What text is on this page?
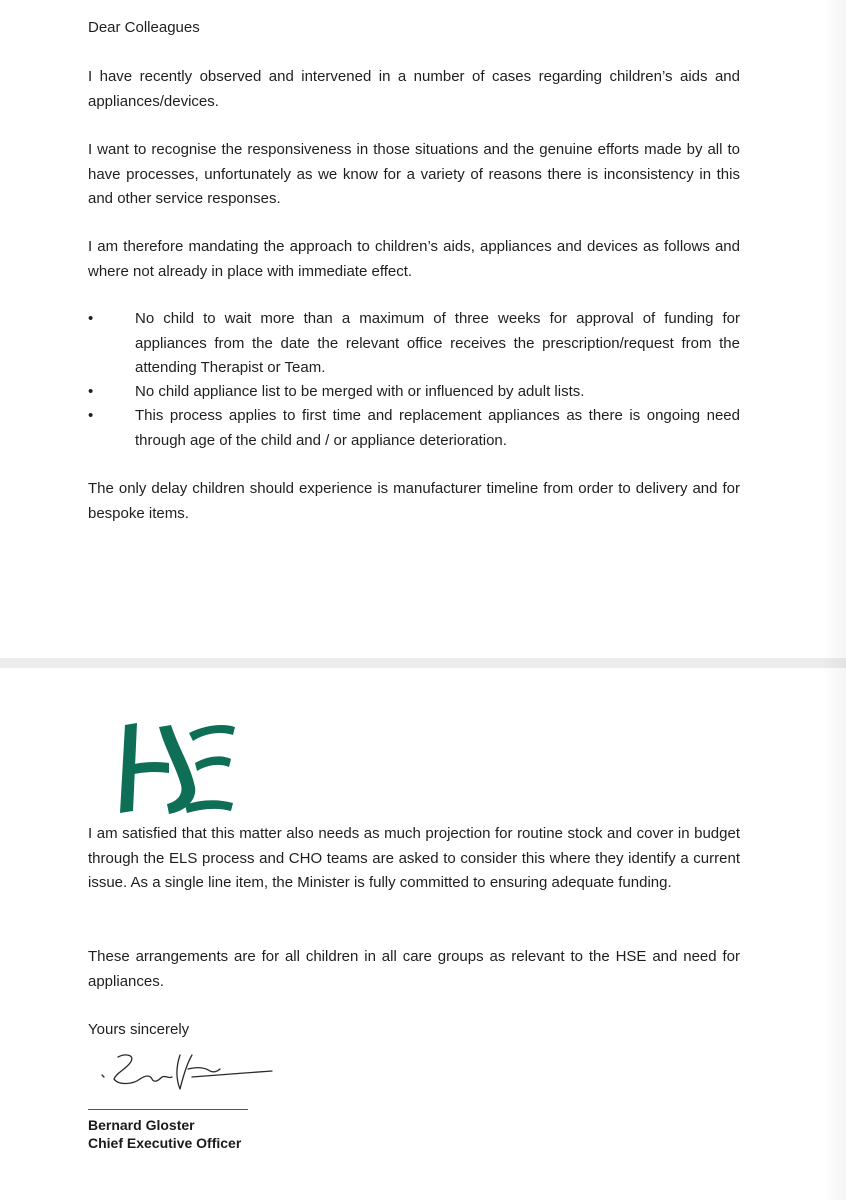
Dear Colleagues

I have recently observed and intervened in a number of cases regarding children’s aids and appliances/devices.

I want to recognise the responsiveness in those situations and the genuine efforts made by all to have processes, unfortunately as we know for a variety of reasons there is inconsistency in this and other service responses.

I am therefore mandating the approach to children’s aids, appliances and devices as follows and where not already in place with immediate effect.

•	No child to wait more than a maximum of three weeks for approval of funding for appliances from the date the relevant office receives the prescription/request from the attending Therapist or Team.

•	No child appliance list to be merged with or influenced by adult lists.

•	This process applies to first time and replacement appliances as there is ongoing need through age of the child and / or appliance deterioration.

The only delay children should experience is manufacturer timeline from order to delivery and for bespoke items.

I am satisfied that this matter also needs as much projection for routine stock and cover in budget through the ELS process and CHO teams are asked to consider this where they identify a current issue. As a single line item, the Minister is fully committed to ensuring adequate funding.

These arrangements are for all children in all care groups as relevant to the HSE and need for appliances.

Yours sincerely

Bernard Gloster
Chief Executive Officer
